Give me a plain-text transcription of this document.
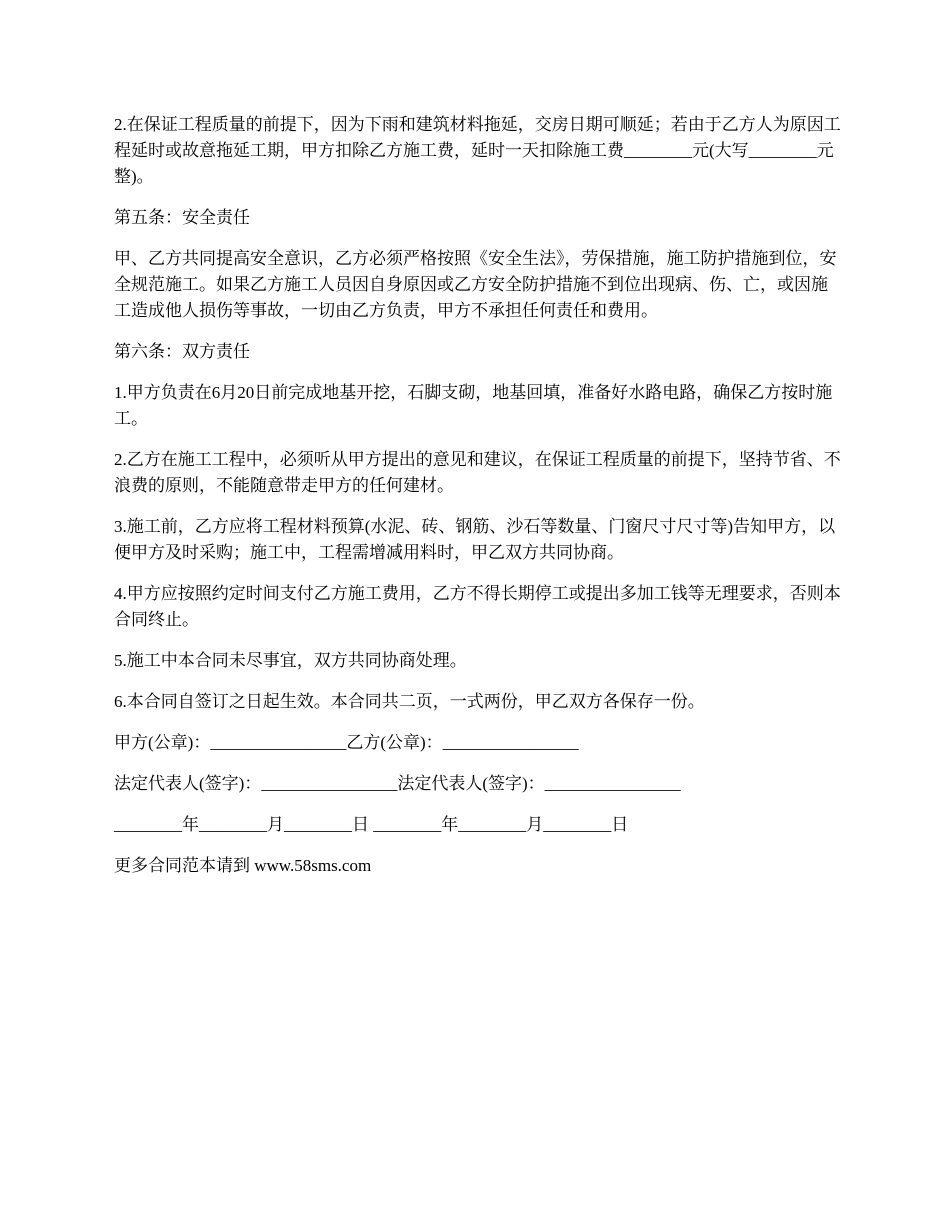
2.在保证工程质量的前提下，因为下雨和建筑材料拖延，交房日期可顺延；若由于乙方人为原因工程延时或故意拖延工期，甲方扣除乙方施工费，延时一天扣除施工费________元(大写________元整)。

第五条：安全责任

甲、乙方共同提高安全意识，乙方必须严格按照《安全生法》，劳保措施，施工防护措施到位，安全规范施工。如果乙方施工人员因自身原因或乙方安全防护措施不到位出现病、伤、亡，或因施工造成他人损伤等事故，一切由乙方负责，甲方不承担任何责任和费用。

第六条：双方责任

1.甲方负责在6月20日前完成地基开挖，石脚支砌，地基回填，准备好水路电路，确保乙方按时施工。

2.乙方在施工工程中，必须听从甲方提出的意见和建议，在保证工程质量的前提下，坚持节省、不浪费的原则，不能随意带走甲方的任何建材。

3.施工前，乙方应将工程材料预算(水泥、砖、钢筋、沙石等数量、门窗尺寸尺寸等)告知甲方，以便甲方及时采购；施工中，工程需增减用料时，甲乙双方共同协商。

4.甲方应按照约定时间支付乙方施工费用，乙方不得长期停工或提出多加工钱等无理要求，否则本合同终止。

5.施工中本合同未尽事宜，双方共同协商处理。

6.本合同自签订之日起生效。本合同共二页，一式两份，甲乙双方各保存一份。

甲方(公章)：________________乙方(公章)：________________

法定代表人(签字)：________________法定代表人(签字)：________________

________年________月________日 ________年________月________日

更多合同范本请到 www.58sms.com
